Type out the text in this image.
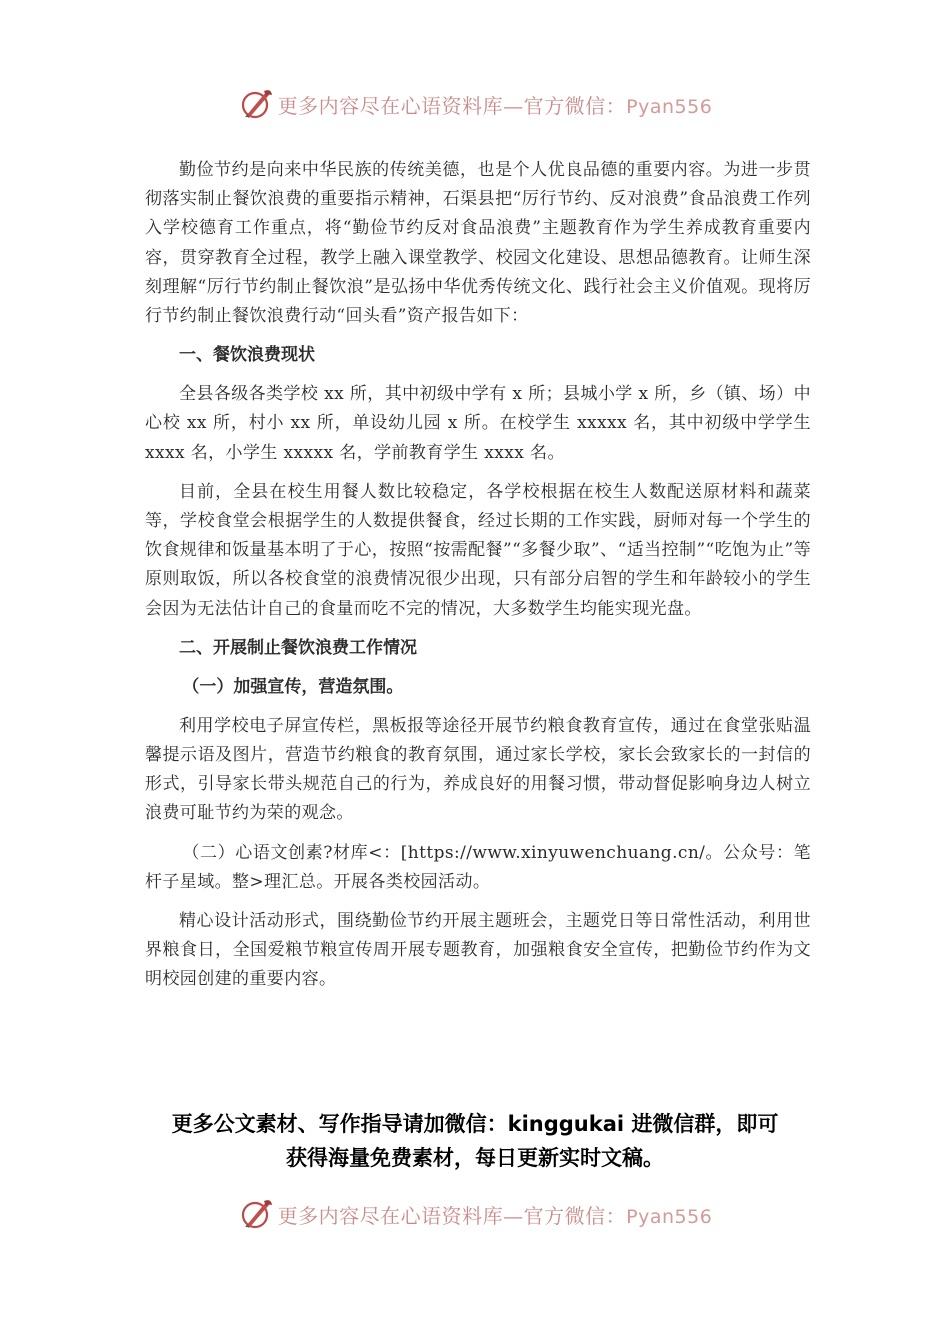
更多内容尽在心语资料库—官方微信：Pyan556

勤俭节约是向来中华民族的传统美德，也是个人优良品德的重要内容。为进一步贯彻落实制止餐饮浪费的重要指示精神，石渠县把“厉行节约、反对浪费”食品浪费工作列入学校德育工作重点，将“勤俭节约反对食品浪费”主题教育作为学生养成教育重要内容，贯穿教育全过程，教学上融入课堂教学、校园文化建设、思想品德教育。让师生深刻理解“厉行节约制止餐饮浪”是弘扬中华优秀传统文化、践行社会主义价值观。现将厉行节约制止餐饮浪费行动“回头看”资产报告如下：

一、餐饮浪费现状

全县各级各类学校 xx 所，其中初级中学有 x 所；县城小学 x 所，乡（镇、场）中心校 xx 所，村小 xx 所，单设幼儿园 x 所。在校学生 xxxxx 名，其中初级中学学生 xxxx 名，小学生 xxxxx 名，学前教育学生 xxxx 名。

目前，全县在校生用餐人数比较稳定，各学校根据在校生人数配送原材料和蔬菜等，学校食堂会根据学生的人数提供餐食，经过长期的工作实践，厨师对每一个学生的饮食规律和饭量基本明了于心，按照“按需配餐”“多餐少取”、“适当控制”“吃饱为止”等原则取饭，所以各校食堂的浪费情况很少出现，只有部分启智的学生和年龄较小的学生会因为无法估计自己的食量而吃不完的情况，大多数学生均能实现光盘。

二、开展制止餐饮浪费工作情况

（一）加强宣传，营造氛围。

利用学校电子屏宣传栏，黑板报等途径开展节约粮食教育宣传，通过在食堂张贴温馨提示语及图片，营造节约粮食的教育氛围，通过家长学校，家长会致家长的一封信的形式，引导家长带头规范自己的行为，养成良好的用餐习惯，带动督促影响身边人树立浪费可耻节约为荣的观念。

（二）心语文创素?材库<：[https://www.xinyuwenchuang.cn/。公众号：笔杆子星域。整>理汇总。开展各类校园活动。

精心设计活动形式，围绕勤俭节约开展主题班会，主题党日等日常性活动，利用世界粮食日，全国爱粮节粮宣传周开展专题教育，加强粮食安全宣传，把勤俭节约作为文明校园创建的重要内容。

更多公文素材、写作指导请加微信：kinggukai 进微信群，即可
获得海量免费素材，每日更新实时文稿。
更多内容尽在心语资料库—官方微信：Pyan556
